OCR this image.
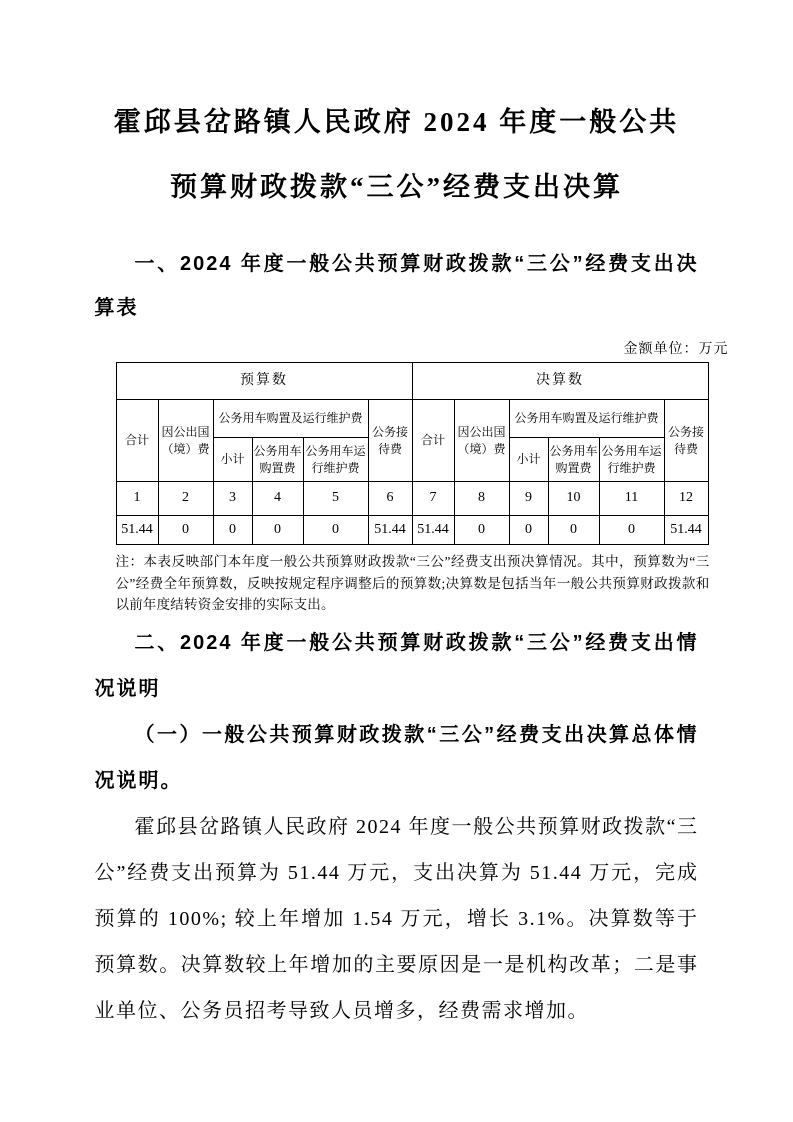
霍邱县岔路镇人民政府 2024 年度一般公共
预算财政拨款“三公”经费支出决算
一、2024 年度一般公共预算财政拨款“三公”经费支出决算表
金额单位：万元
预算数						决算数					
合计	因公出国（境）费	公务用车购置及运行维护费			公务接待费	合计	因公出国（境）费	公务用车购置及运行维护费			公务接待费
		小计	公务用车购置费	公务用车运行维护费				小计	公务用车购置费	公务用车运行维护费	
1	2	3	4	5	6	7	8	9	10	11	12
51.44	0	0	0	0	51.44	51.44	0	0	0	0	51.44

注：本表反映部门本年度一般公共预算财政拨款“三公”经费支出预决算情况。其中，预算数为“三公”经费全年预算数，反映按规定程序调整后的预算数;决算数是包括当年一般公共预算财政拨款和以前年度结转资金安排的实际支出。

二、2024 年度一般公共预算财政拨款“三公”经费支出情况说明
（一）一般公共预算财政拨款“三公”经费支出决算总体情况说明。

霍邱县岔路镇人民政府 2024 年度一般公共预算财政拨款“三公”经费支出预算为 51.44 万元，支出决算为 51.44 万元，完成预算的 100%; 较上年增加 1.54 万元，增长 3.1%。决算数等于预算数。决算数较上年增加的主要原因是一是机构改革；二是事业单位、公务员招考导致人员增多，经费需求增加。
